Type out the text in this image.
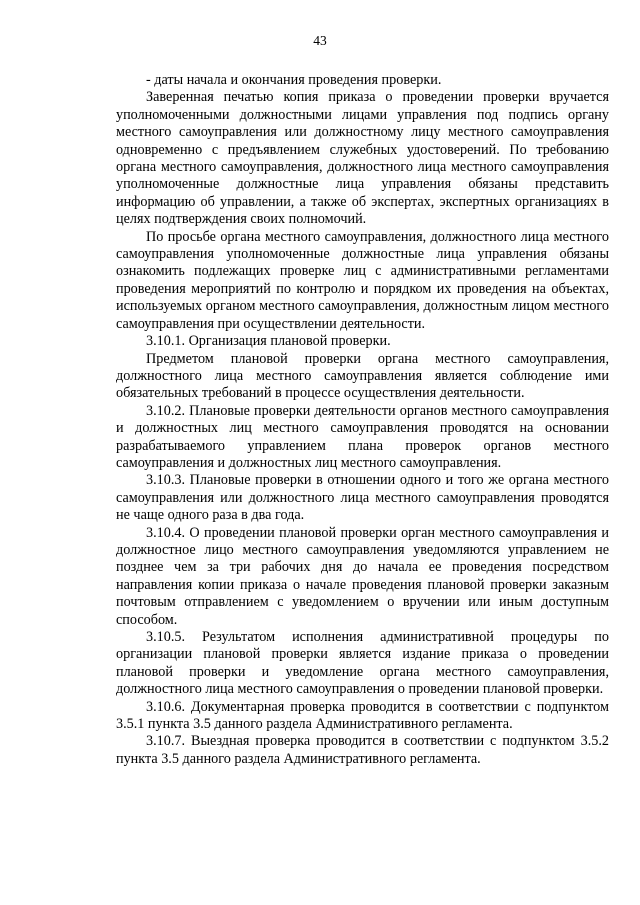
43

- даты начала и окончания проведения проверки.

Заверенная печатью копия приказа о проведении проверки вручается уполномоченными должностными лицами управления под подпись органу местного самоуправления или должностному лицу местного самоуправления одновременно с предъявлением служебных удостоверений. По требованию органа местного самоуправления, должностного лица местного самоуправления уполномоченные должностные лица управления обязаны представить информацию об управлении, а также об экспертах, экспертных организациях в целях подтверждения своих полномочий.

По просьбе органа местного самоуправления, должностного лица местного самоуправления уполномоченные должностные лица управления обязаны ознакомить подлежащих проверке лиц с административными регламентами проведения мероприятий по контролю и порядком их проведения на объектах, используемых органом местного самоуправления, должностным лицом местного самоуправления при осуществлении деятельности.

3.10.1. Организация плановой проверки.

Предметом плановой проверки органа местного самоуправления, должностного лица местного самоуправления является соблюдение ими обязательных требований в процессе осуществления деятельности.

3.10.2. Плановые проверки деятельности органов местного самоуправления и должностных лиц местного самоуправления проводятся на основании разрабатываемого управлением плана проверок органов местного самоуправления и должностных лиц местного самоуправления.

3.10.3. Плановые проверки в отношении одного и того же органа местного самоуправления или должностного лица местного самоуправления проводятся не чаще одного раза в два года.

3.10.4. О проведении плановой проверки орган местного самоуправления и должностное лицо местного самоуправления уведомляются управлением не позднее чем за три рабочих дня до начала ее проведения посредством направления копии приказа о начале проведения плановой проверки заказным почтовым отправлением с уведомлением о вручении или иным доступным способом.

3.10.5. Результатом исполнения административной процедуры по организации плановой проверки является издание приказа о проведении плановой проверки и уведомление органа местного самоуправления, должностного лица местного самоуправления о проведении плановой проверки.

3.10.6. Документарная проверка проводится в соответствии с подпунктом 3.5.1 пункта 3.5 данного раздела Административного регламента.

3.10.7. Выездная проверка проводится в соответствии с подпунктом 3.5.2 пункта 3.5 данного раздела Административного регламента.
